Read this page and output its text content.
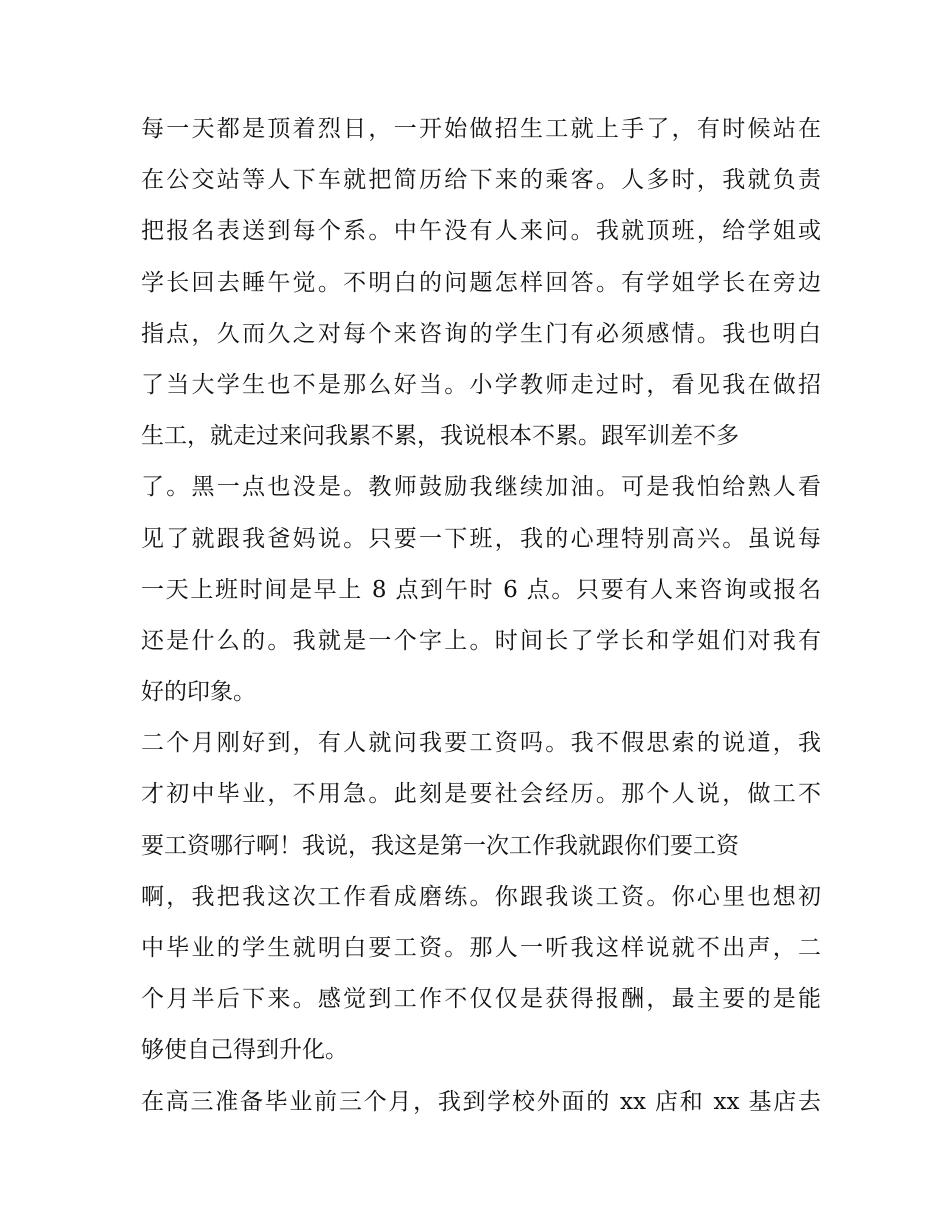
每一天都是顶着烈日，一开始做招生工就上手了，有时候站在
在公交站等人下车就把简历给下来的乘客。人多时，我就负责
把报名表送到每个系。中午没有人来问。我就顶班，给学姐或
学长回去睡午觉。不明白的问题怎样回答。有学姐学长在旁边
指点，久而久之对每个来咨询的学生门有必须感情。我也明白
了当大学生也不是那么好当。小学教师走过时，看见我在做招
生工，就走过来问我累不累，我说根本不累。跟军训差不多
了。黑一点也没是。教师鼓励我继续加油。可是我怕给熟人看
见了就跟我爸妈说。只要一下班，我的心理特别高兴。虽说每
一天上班时间是早上 8 点到午时 6 点。只要有人来咨询或报名
还是什么的。我就是一个字上。时间长了学长和学姐们对我有
好的印象。
二个月刚好到，有人就问我要工资吗。我不假思索的说道，我
才初中毕业，不用急。此刻是要社会经历。那个人说，做工不
要工资哪行啊！我说，我这是第一次工作我就跟你们要工资
啊，我把我这次工作看成磨练。你跟我谈工资。你心里也想初
中毕业的学生就明白要工资。那人一听我这样说就不出声，二
个月半后下来。感觉到工作不仅仅是获得报酬，最主要的是能
够使自己得到升化。
在高三准备毕业前三个月，我到学校外面的 xx 店和 xx 基店去
